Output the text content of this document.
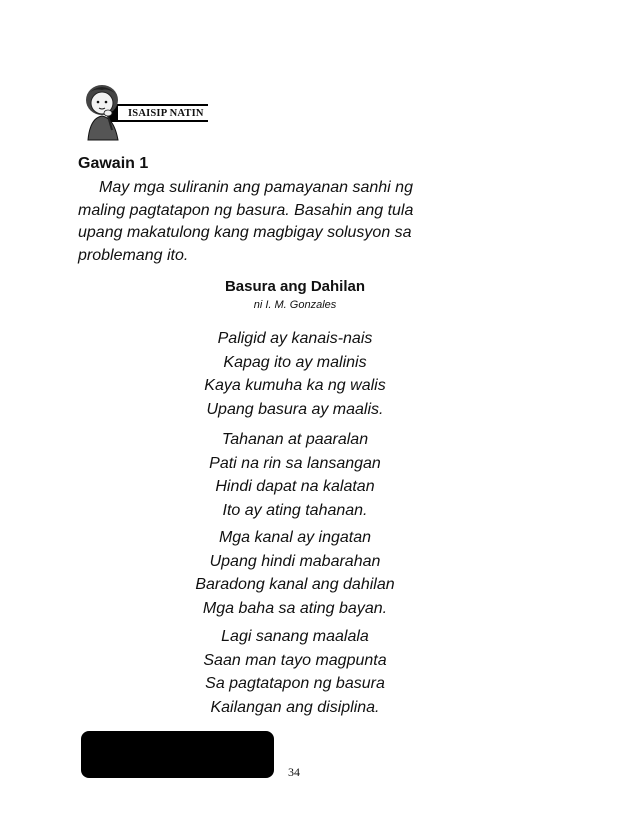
ISAISIP NATIN
Gawain 1
May mga suliranin ang pamayanan sanhi ng
maling pagtatapon ng basura. Basahin ang tula
upang makatulong kang magbigay solusyon sa
problemang ito.
Basura ang Dahilan
ni I. M. Gonzales
Paligid ay kanais-nais
Kapag ito ay malinis
Kaya kumuha ka ng walis
Upang basura ay maalis.
Tahanan at paaralan
Pati na rin sa lansangan
Hindi dapat na kalatan
Ito ay ating tahanan.
Mga kanal ay ingatan
Upang hindi mabarahan
Baradong kanal ang dahilan
Mga baha sa ating bayan.
Lagi sanang maalala
Saan man tayo magpunta
Sa pagtatapon ng basura
Kailangan ang disiplina.
34
